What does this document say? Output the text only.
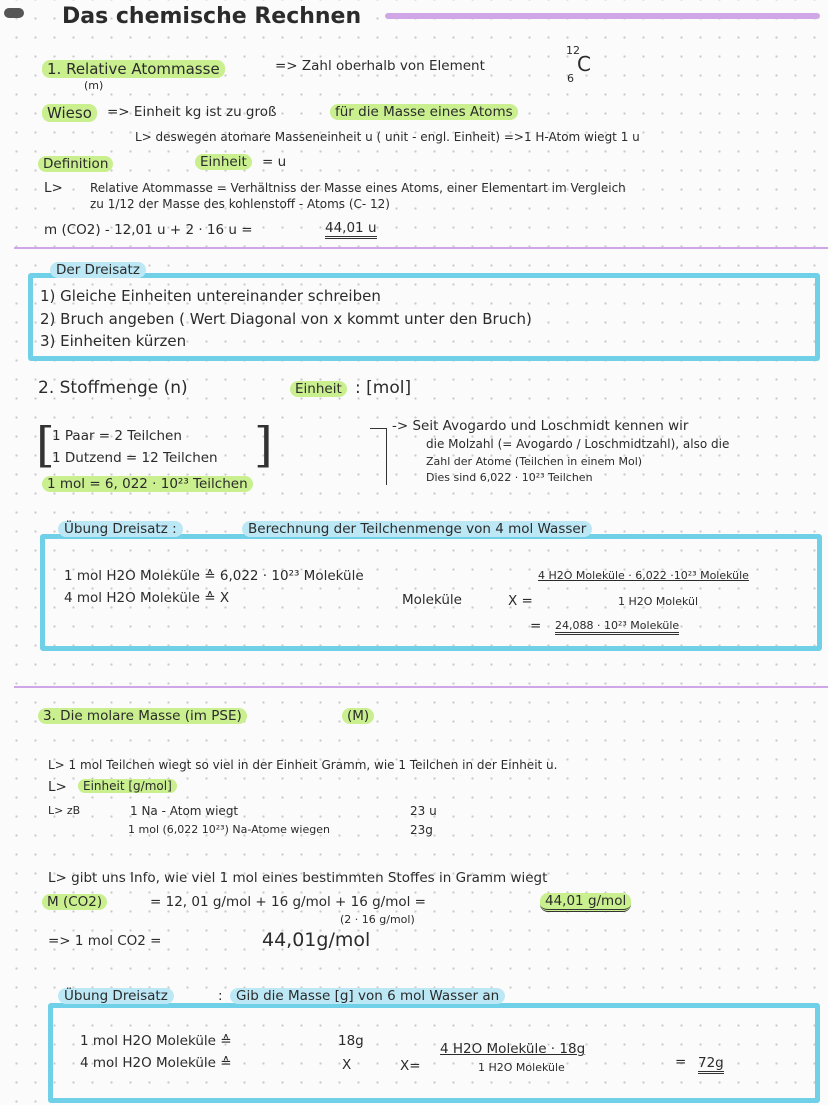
Das chemische Rechnen
1. Relative Atommasse
(m)
=> Zahl oberhalb von Element
12
C
6
Wieso	=> Einheit kg ist zu groß	für die Masse eines Atoms
L> deswegen atomare Masseneinheit u ( unit - engl. Einheit) =>1 H-Atom wiegt 1 u
Definition	Einheit	= u
L> Relative Atommasse = Verhältniss der Masse eines Atoms, einer Elementart im Vergleich
zu 1/12 der Masse des kohlenstoff - Atoms (C- 12)
m (CO2) - 12,01 u + 2 · 16 u =	44,01 u
Der Dreisatz
1) Gleiche Einheiten untereinander schreiben
2) Bruch angeben ( Wert Diagonal von x kommt unter den Bruch)
3) Einheiten kürzen
2. Stoffmenge (n)	Einheit : [mol]
[
1 Paar = 2 Teilchen
1 Dutzend = 12 Teilchen ]
1 mol = 6, 022 · 10²³ Teilchen
-> Seit Avogardo und Loschmidt kennen wir
die Molzahl (= Avogardo / Loschmidtzahl), also die
Zahl der Atome (Teilchen in einem Mol)
Dies sind 6,022 · 10²³ Teilchen
Übung Dreisatz :	Berechnung der Teilchenmenge von 4 mol Wasser
1 mol H2O Moleküle ≙ 6,022 · 10²³ Moleküle
4 mol H2O Moleküle ≙ X	Moleküle	X =
4 H2O Moleküle · 6,022 ·10²³ Moleküle
1 H2O Molekül
= 24,088 · 10²³ Moleküle
3. Die molare Masse (im PSE)	(M)
L> 1 mol Teilchen wiegt so viel in der Einheit Gramm, wie 1 Teilchen in der Einheit u.
L>	Einheit [g/mol]
L> zB	1 Na - Atom wiegt	23 u
1 mol (6,022 10²³) Na-Atome wiegen	23g
L> gibt uns Info, wie viel 1 mol eines bestimmten Stoffes in Gramm wiegt
M (CO2)	= 12, 01 g/mol + 16 g/mol + 16 g/mol =
(2 · 16 g/mol)
44,01 g/mol
=> 1 mol CO2 =	44,01g/mol
Übung Dreisatz	: Gib die Masse [g] von 6 mol Wasser an
1 mol H2O Moleküle ≙	18g
4 mol H2O Moleküle ≙	X	X=
4 H2O Moleküle · 18g
1 H2O Moleküle	= 72g
